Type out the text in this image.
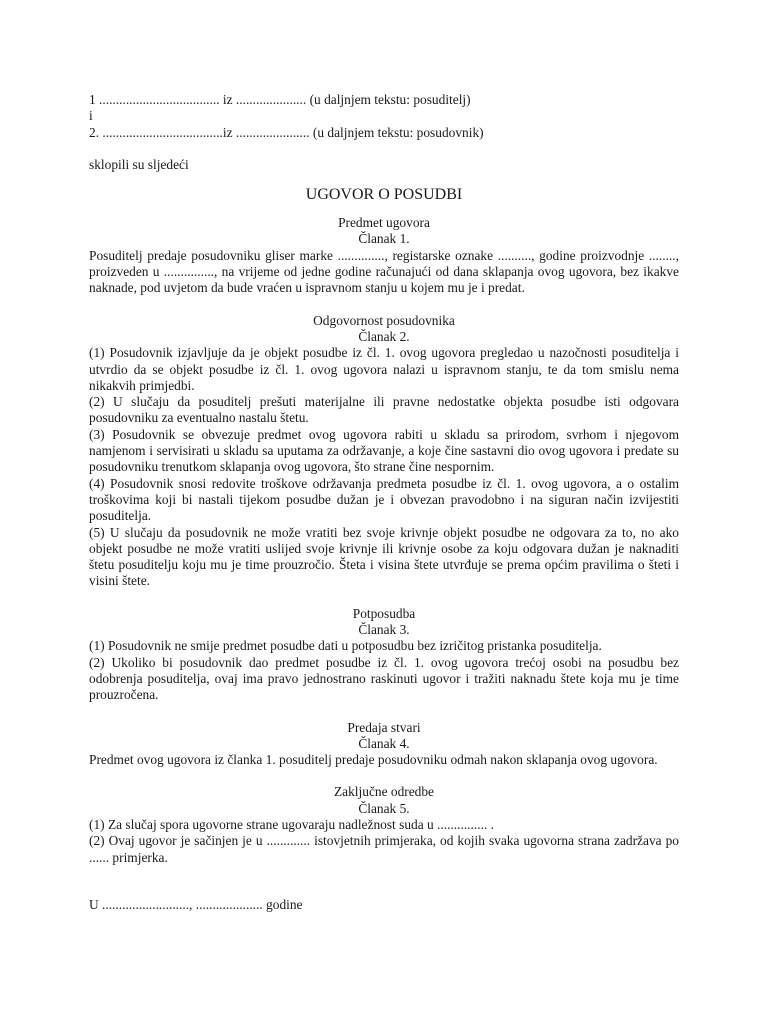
1 .................................... iz ..................... (u daljnjem tekstu: posuditelj)

i

2. ....................................iz ...................... (u daljnjem tekstu: posudovnik)

sklopili su sljedeći

UGOVOR O POSUDBI

Predmet ugovora

Članak 1.

Posuditelj predaje posudovniku gliser marke .............., registarske oznake .........., godine proizvodnje ........, proizveden u ..............., na vrijeme od jedne godine računajući od dana sklapanja ovog ugovora, bez ikakve naknade, pod uvjetom da bude vraćen u ispravnom stanju u kojem mu je i predat.

Odgovornost posudovnika

Članak 2.

(1) Posudovnik izjavljuje da je objekt posudbe iz čl. 1. ovog ugovora pregledao u nazočnosti posuditelja i utvrdio da se objekt posudbe iz čl. 1. ovog ugovora nalazi u ispravnom stanju, te da tom smislu nema nikakvih primjedbi.

(2) U slučaju da posuditelj prešuti materijalne ili pravne nedostatke objekta posudbe isti odgovara posudovniku za eventualno nastalu štetu.

(3) Posudovnik se obvezuje predmet ovog ugovora rabiti u skladu sa prirodom, svrhom i njegovom namjenom i servisirati u skladu sa uputama za održavanje, a koje čine sastavni dio ovog ugovora i predate su posudovniku trenutkom sklapanja ovog ugovora, što strane čine nespornim.

(4) Posudovnik snosi redovite troškove održavanja predmeta posudbe iz čl. 1. ovog ugovora, a o ostalim troškovima koji bi nastali tijekom posudbe dužan je i obvezan pravodobno i na siguran način izvijestiti posuditelja.

(5) U slučaju da posudovnik ne može vratiti bez svoje krivnje objekt posudbe ne odgovara za to, no ako objekt posudbe ne može vratiti uslijed svoje krivnje ili krivnje osobe za koju odgovara dužan je naknaditi štetu posuditelju koju mu je time prouzročio. Šteta i visina štete utvrđuje se prema općim pravilima o šteti i visini štete.

Potposudba

Članak 3.

(1) Posudovnik ne smije predmet posudbe dati u potposudbu bez izričitog pristanka posuditelja.

(2) Ukoliko bi posudovnik dao predmet posudbe iz čl. 1. ovog ugovora trećoj osobi na posudbu bez odobrenja posuditelja, ovaj ima pravo jednostrano raskinuti ugovor i tražiti naknadu štete koja mu je time prouzročena.

Predaja stvari

Članak 4.

Predmet ovog ugovora iz članka 1. posuditelj predaje posudovniku odmah nakon sklapanja ovog ugovora.

Zaključne odredbe

Članak 5.

(1) Za slučaj spora ugovorne strane ugovaraju nadležnost suda u ............... .

(2) Ovaj ugovor je sačinjen je u ............. istovjetnih primjeraka, od kojih svaka ugovorna strana zadržava po ...... primjerka.

U .........................., .................... godine
